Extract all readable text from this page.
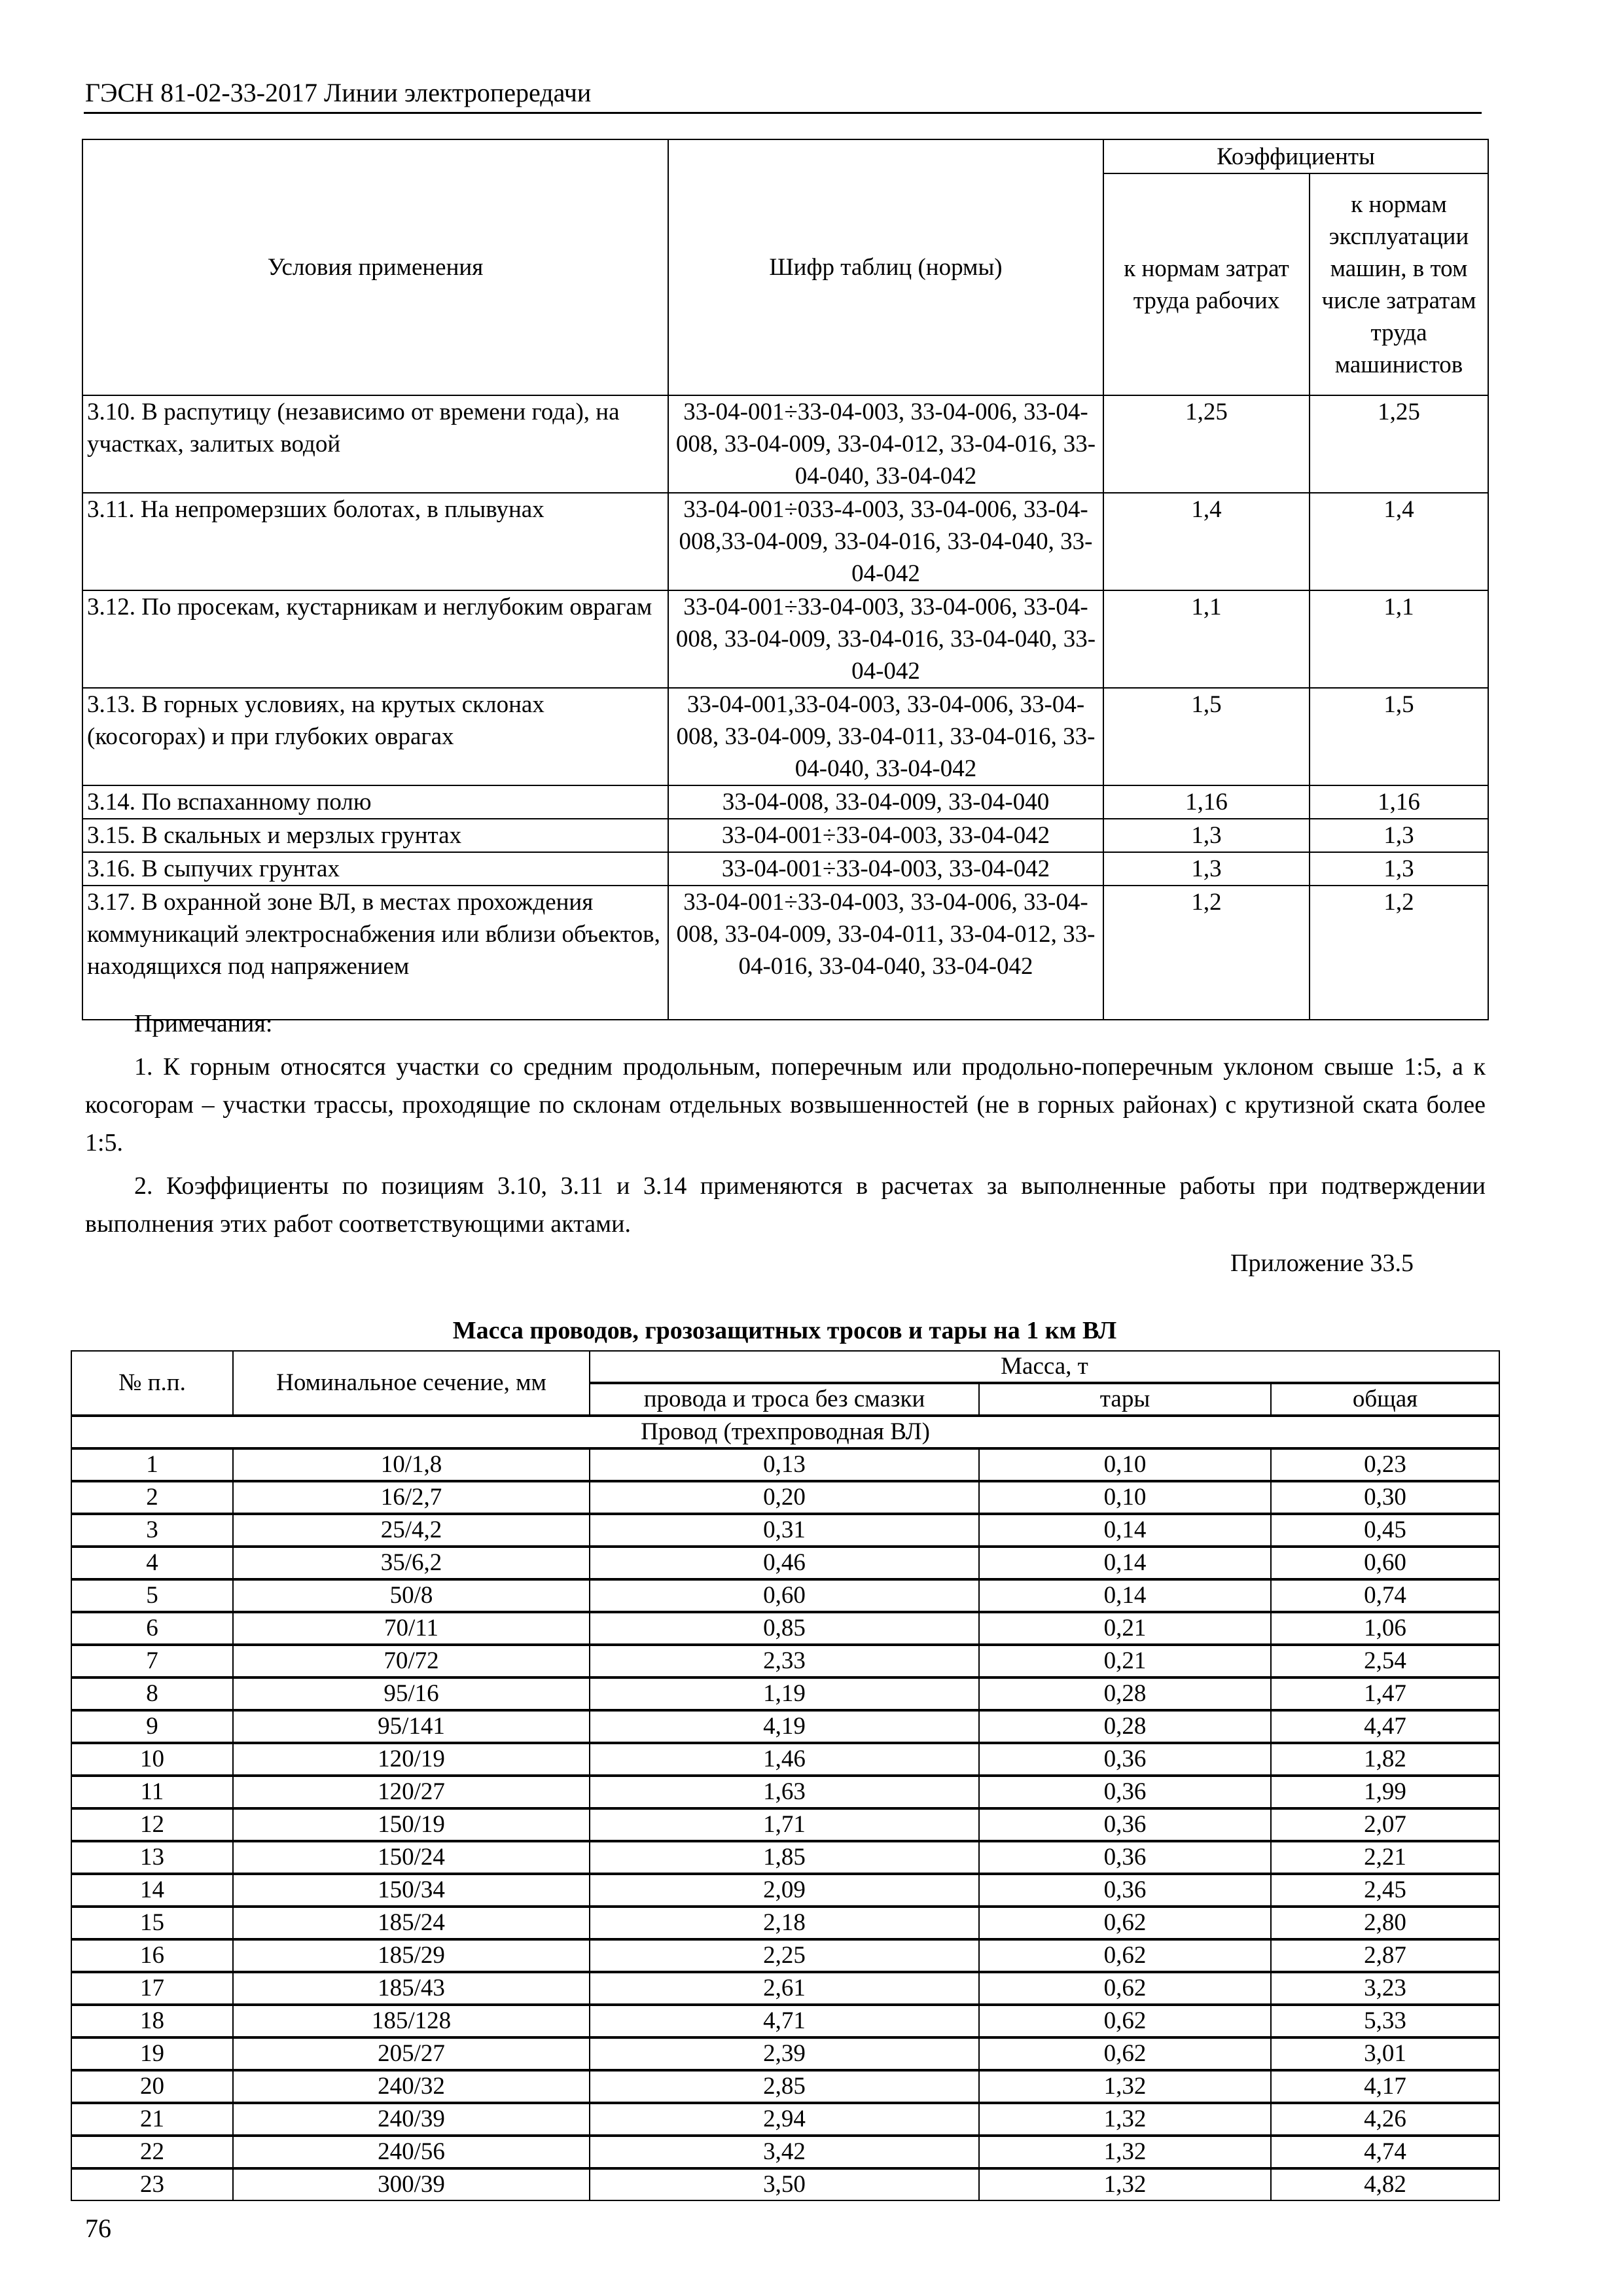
ГЭСН 81-02-33-2017 Линии электропередачи
Условия применения	Шифр таблиц (нормы)	Коэффициенты	
		к нормам затрат труда рабочих	к нормам эксплуатации машин, в том числе затратам труда машинистов
3.10. В распутицу (независимо от времени года), на участках, залитых водой	33-04-001÷33-04-003, 33-04-006, 33-04-008, 33-04-009, 33-04-012, 33-04-016, 33-04-040, 33-04-042	1,25	1,25
3.11. На непромерзших болотах, в плывунах	33-04-001÷033-4-003, 33-04-006, 33-04-008,33-04-009, 33-04-016, 33-04-040, 33-04-042	1,4	1,4
3.12. По просекам, кустарникам и неглубоким оврагам	33-04-001÷33-04-003, 33-04-006, 33-04-008, 33-04-009, 33-04-016, 33-04-040, 33-04-042	1,1	1,1
3.13. В горных условиях, на крутых склонах (косогорах) и при глубоких оврагах	33-04-001,33-04-003, 33-04-006, 33-04-008, 33-04-009, 33-04-011, 33-04-016, 33-04-040, 33-04-042	1,5	1,5
3.14. По вспаханному полю	33-04-008, 33-04-009, 33-04-040	1,16	1,16
3.15. В скальных и мерзлых грунтах	33-04-001÷33-04-003, 33-04-042	1,3	1,3
3.16. В сыпучих грунтах	33-04-001÷33-04-003, 33-04-042	1,3	1,3
3.17. В охранной зоне ВЛ, в местах прохождения коммуникаций электроснабжения или вблизи объектов, находящихся под напряжением	33-04-001÷33-04-003, 33-04-006, 33-04-008, 33-04-009, 33-04-011, 33-04-012, 33-04-016, 33-04-040, 33-04-042	1,2	1,2

Примечания:

1. К горным относятся участки со средним продольным, поперечным или продольно-поперечным уклоном свыше 1:5, а к косогорам – участки трассы, проходящие по склонам отдельных возвышенностей (не в горных районах) с крутизной ската более 1:5.

2. Коэффициенты по позициям 3.10, 3.11 и 3.14 применяются в расчетах за выполненные работы при подтверждении выполнения этих работ соответствующими актами.

Приложение 33.5
Масса проводов, грозозащитных тросов и тары на 1 км ВЛ
№ п.п.	Номинальное сечение, мм	Масса, т		
		провода и троса без смазки	тары	общая
Провод (трехпроводная ВЛ)				
1	10/1,8	0,13	0,10	0,23
2	16/2,7	0,20	0,10	0,30
3	25/4,2	0,31	0,14	0,45
4	35/6,2	0,46	0,14	0,60
5	50/8	0,60	0,14	0,74
6	70/11	0,85	0,21	1,06
7	70/72	2,33	0,21	2,54
8	95/16	1,19	0,28	1,47
9	95/141	4,19	0,28	4,47
10	120/19	1,46	0,36	1,82
11	120/27	1,63	0,36	1,99
12	150/19	1,71	0,36	2,07
13	150/24	1,85	0,36	2,21
14	150/34	2,09	0,36	2,45
15	185/24	2,18	0,62	2,80
16	185/29	2,25	0,62	2,87
17	185/43	2,61	0,62	3,23
18	185/128	4,71	0,62	5,33
19	205/27	2,39	0,62	3,01
20	240/32	2,85	1,32	4,17
21	240/39	2,94	1,32	4,26
22	240/56	3,42	1,32	4,74
23	300/39	3,50	1,32	4,82
76
